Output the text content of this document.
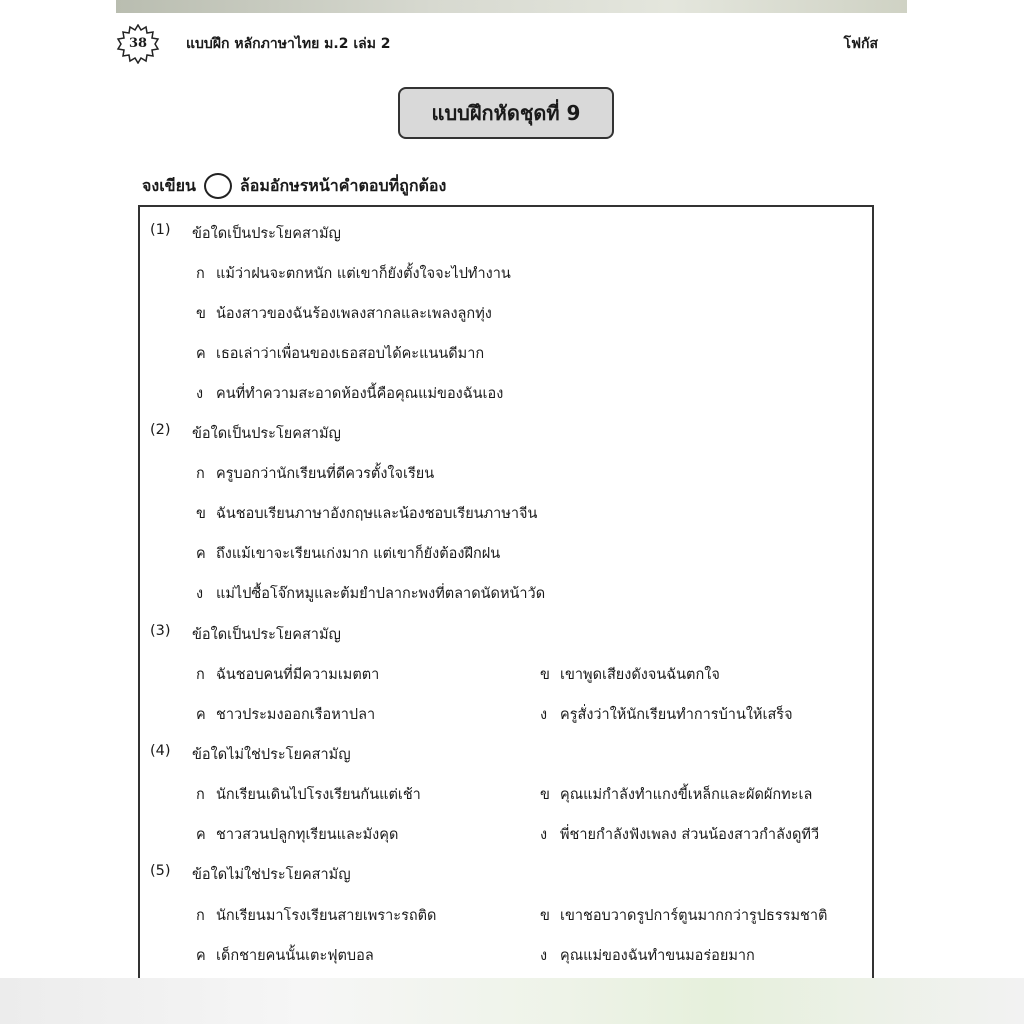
38	แบบฝึก หลักภาษาไทย ม.2 เล่ม 2	โฟกัส
แบบฝึกหัดชุดที่ 9
จงเขียน	ล้อมอักษรหน้าคำตอบที่ถูกต้อง
(1) ข้อใดเป็นประโยคสามัญ
ก แม้ว่าฝนจะตกหนัก แต่เขาก็ยังตั้งใจจะไปทำงาน
ข น้องสาวของฉันร้องเพลงสากลและเพลงลูกทุ่ง
ค เธอเล่าว่าเพื่อนของเธอสอบได้คะแนนดีมาก
ง คนที่ทำความสะอาดห้องนี้คือคุณแม่ของฉันเอง
(2) ข้อใดเป็นประโยคสามัญ
ก ครูบอกว่านักเรียนที่ดีควรตั้งใจเรียน
ข ฉันชอบเรียนภาษาอังกฤษและน้องชอบเรียนภาษาจีน
ค ถึงแม้เขาจะเรียนเก่งมาก แต่เขาก็ยังต้องฝึกฝน
ง แม่ไปซื้อโจ๊กหมูและต้มยำปลากะพงที่ตลาดนัดหน้าวัด
(3) ข้อใดเป็นประโยคสามัญ
ก ฉันชอบคนที่มีความเมตตา	ข เขาพูดเสียงดังจนฉันตกใจ
ค ชาวประมงออกเรือหาปลา	ง ครูสั่งว่าให้นักเรียนทำการบ้านให้เสร็จ
(4) ข้อใดไม่ใช่ประโยคสามัญ
ก นักเรียนเดินไปโรงเรียนกันแต่เช้า	ข คุณแม่กำลังทำแกงขี้เหล็กและผัดผักทะเล
ค ชาวสวนปลูกทุเรียนและมังคุด	ง พี่ชายกำลังฟังเพลง ส่วนน้องสาวกำลังดูทีวี
(5) ข้อใดไม่ใช่ประโยคสามัญ
ก นักเรียนมาโรงเรียนสายเพราะรถติด	ข เขาชอบวาดรูปการ์ตูนมากกว่ารูปธรรมชาติ
ค เด็กชายคนนั้นเตะฟุตบอล	ง คุณแม่ของฉันทำขนมอร่อยมาก
